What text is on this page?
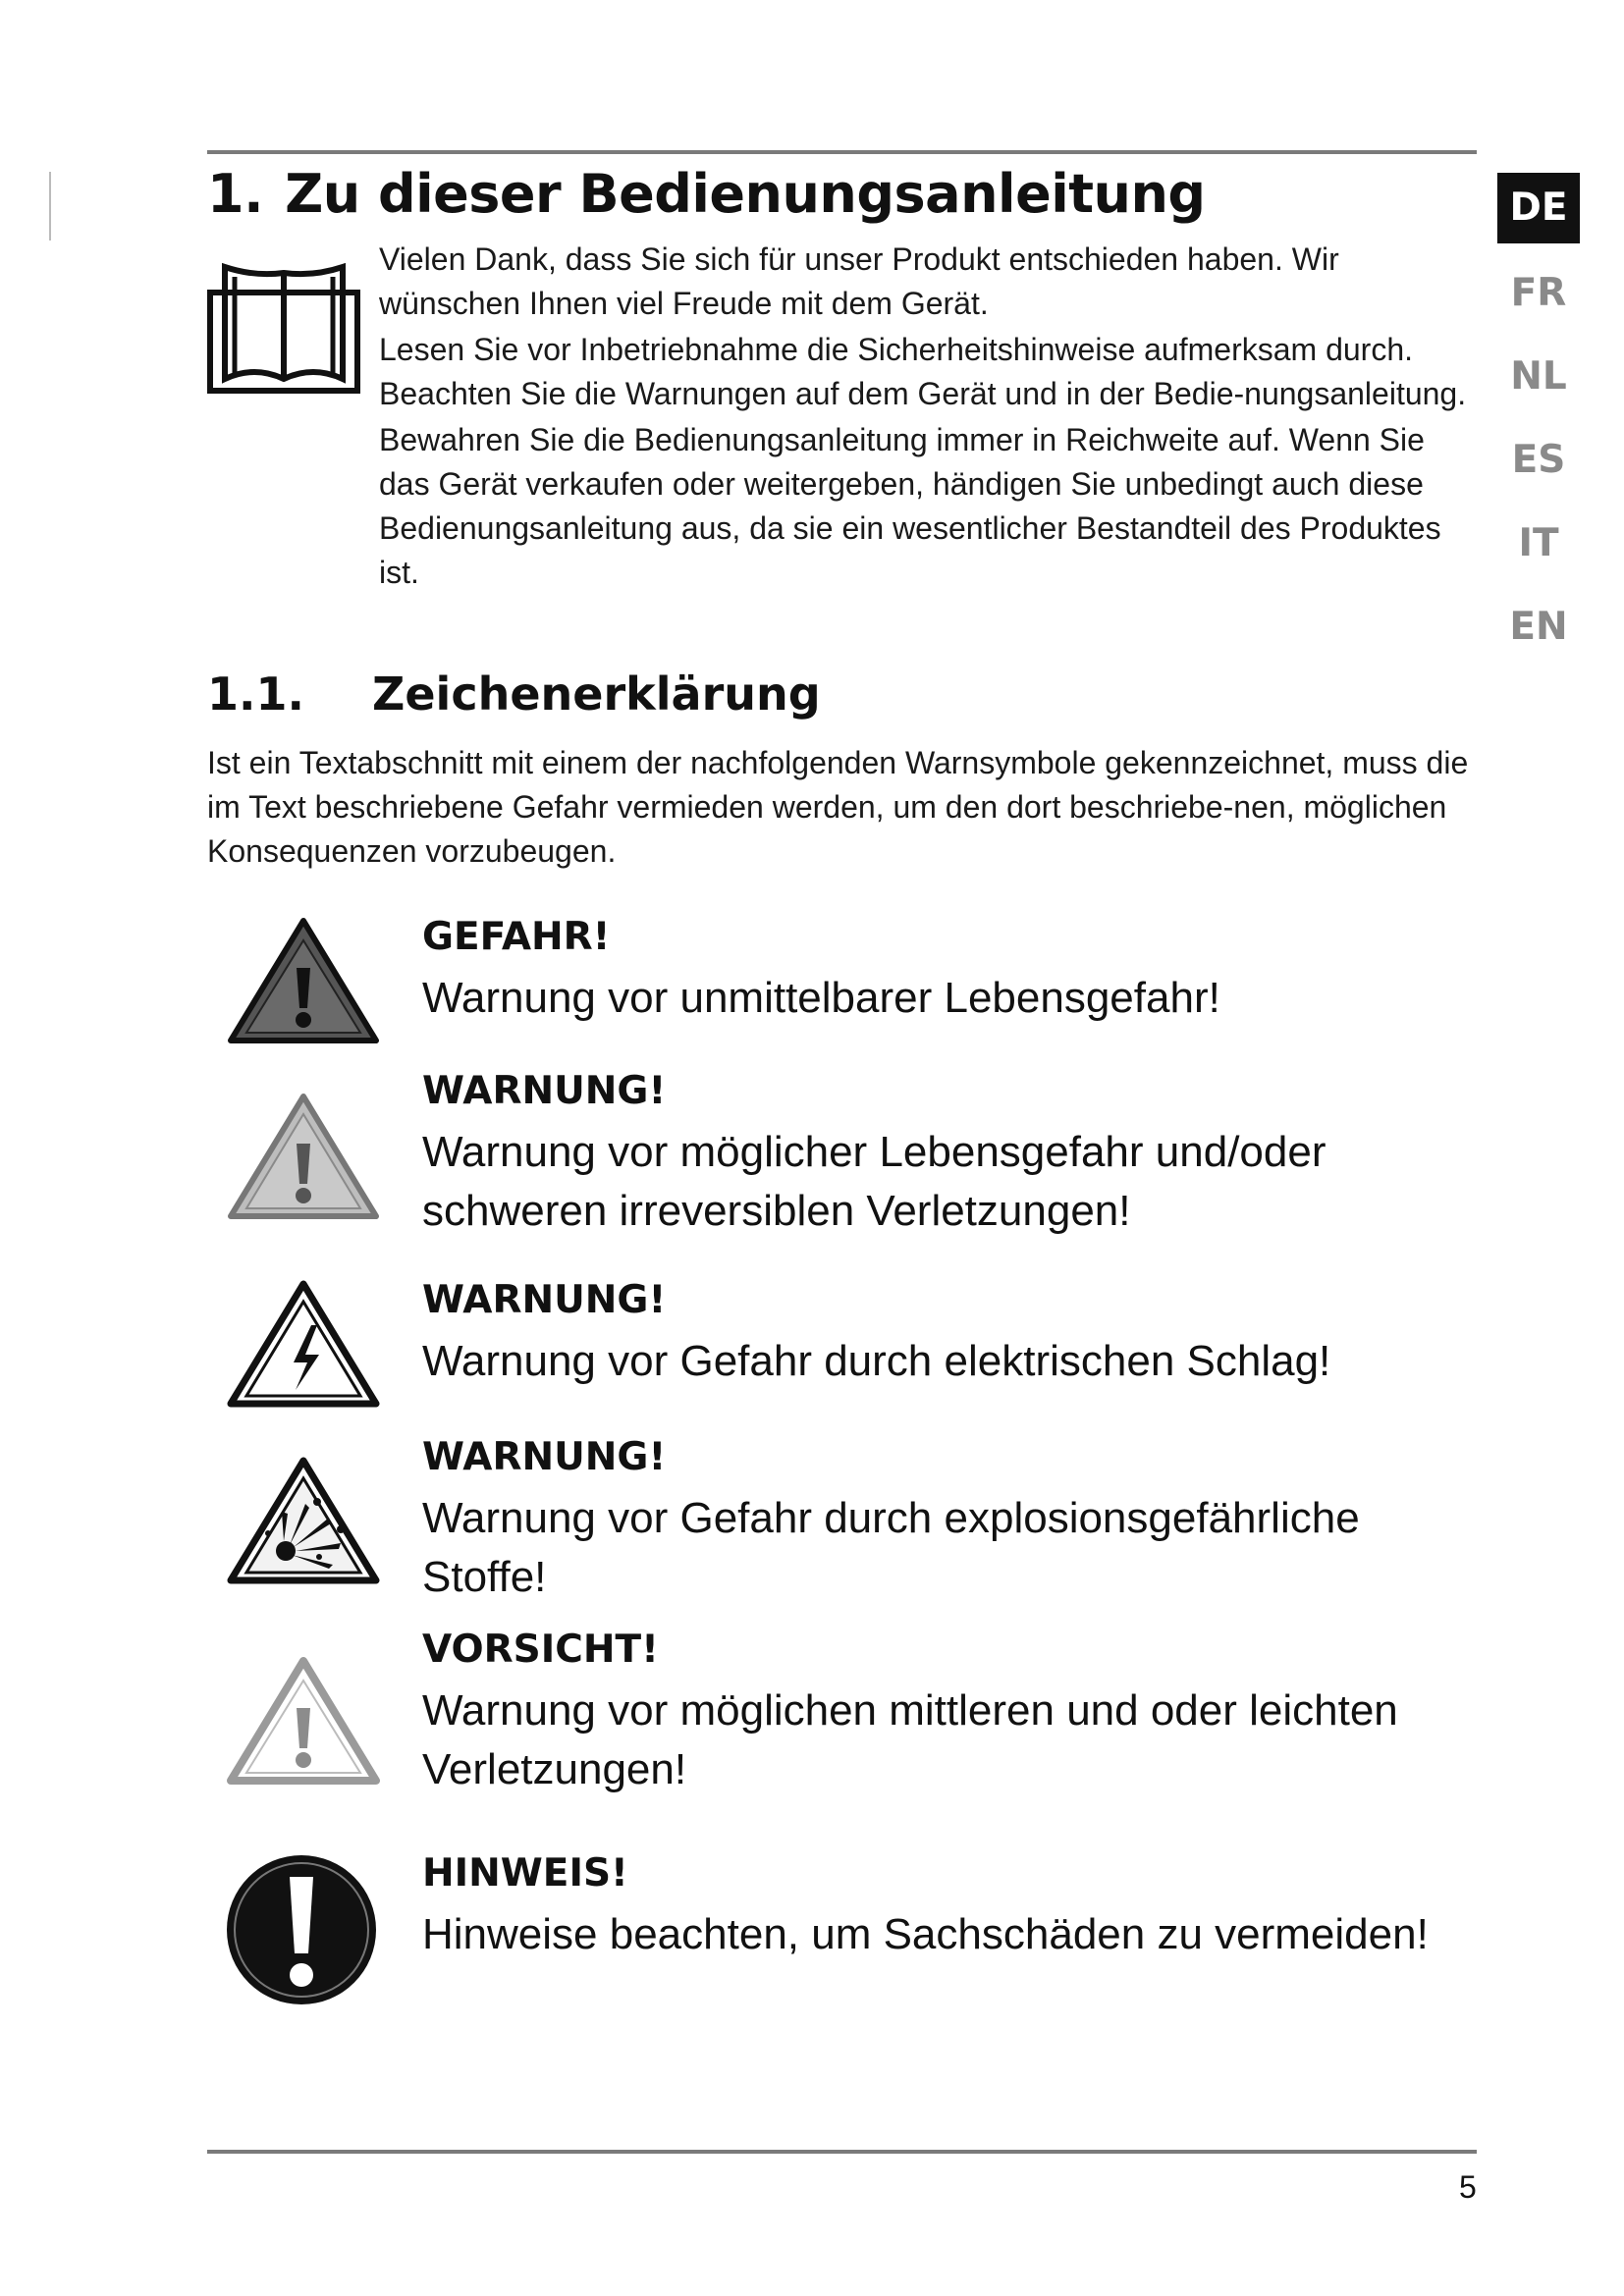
DE
FR
NL
ES
IT
EN
1. Zu dieser Bedienungsanleitung

Vielen Dank, dass Sie sich für unser Produkt entschieden haben. Wir wünschen Ihnen viel Freude mit dem Gerät.

Lesen Sie vor Inbetriebnahme die Sicherheitshinweise aufmerksam durch. Beachten Sie die Warnungen auf dem Gerät und in der Bedie-nungsanleitung.

Bewahren Sie die Bedienungsanleitung immer in Reichweite auf. Wenn Sie das Gerät verkaufen oder weitergeben, händigen Sie unbedingt auch diese Bedienungsanleitung aus, da sie ein wesentlicher Bestandteil des Produktes ist.

1.1. Zeichenerklärung

Ist ein Textabschnitt mit einem der nachfolgenden Warnsymbole gekennzeichnet, muss die im Text beschriebene Gefahr vermieden werden, um den dort beschriebe-nen, möglichen Konsequenzen vorzubeugen.

GEFAHR!
Warnung vor unmittelbarer Lebensgefahr!
WARNUNG!
Warnung vor möglicher Lebensgefahr und/oder schweren irreversiblen Verletzungen!
WARNUNG!
Warnung vor Gefahr durch elektrischen Schlag!
WARNUNG!
Warnung vor Gefahr durch explosionsgefährliche Stoffe!
VORSICHT!
Warnung vor möglichen mittleren und oder leichten Verletzungen!
HINWEIS!
Hinweise beachten, um Sachschäden zu vermeiden!
5
